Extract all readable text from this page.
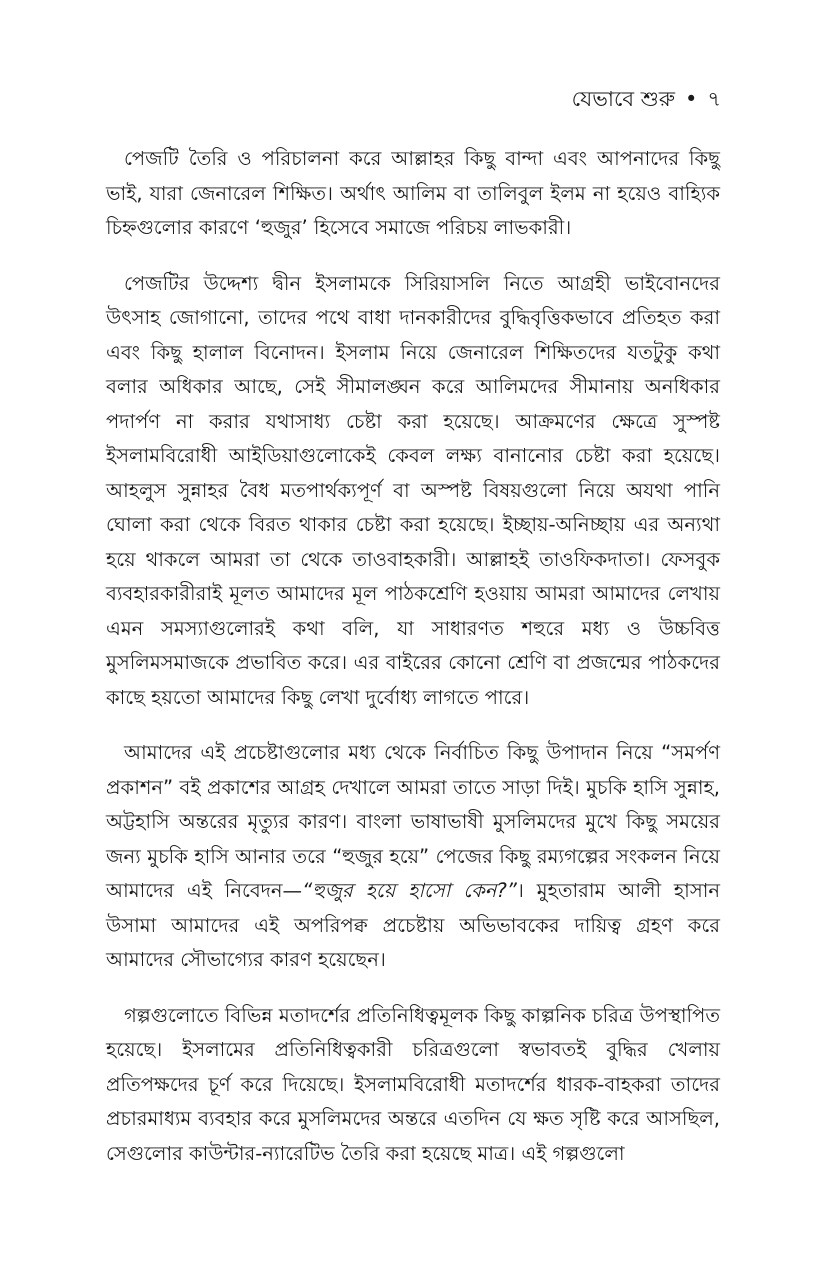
যেভাবে শুরু • ৭

পেজটি তৈরি ও পরিচালনা করে আল্লাহর কিছু বান্দা এবং আপনাদের কিছু ভাই, যারা জেনারেল শিক্ষিত। অর্থাৎ আলিম বা তালিবুল ইলম না হয়েও বাহ্যিক চিহ্নগুলোর কারণে ‘হুজুর’ হিসেবে সমাজে পরিচয় লাভকারী।

পেজটির উদ্দেশ্য দ্বীন ইসলামকে সিরিয়াসলি নিতে আগ্রহী ভাইবোনদের উৎসাহ জোগানো, তাদের পথে বাধা দানকারীদের বুদ্ধিবৃত্তিকভাবে প্রতিহত করা এবং কিছু হালাল বিনোদন। ইসলাম নিয়ে জেনারেল শিক্ষিতদের যতটুকু কথা বলার অধিকার আছে, সেই সীমালঙ্ঘন করে আলিমদের সীমানায় অনধিকার পদার্পণ না করার যথাসাধ্য চেষ্টা করা হয়েছে। আক্রমণের ক্ষেত্রে সুস্পষ্ট ইসলামবিরোধী আইডিয়াগুলোকেই কেবল লক্ষ্য বানানোর চেষ্টা করা হয়েছে। আহলুস সুন্নাহর বৈধ মতপার্থক্যপূর্ণ বা অস্পষ্ট বিষয়গুলো নিয়ে অযথা পানি ঘোলা করা থেকে বিরত থাকার চেষ্টা করা হয়েছে। ইচ্ছায়-অনিচ্ছায় এর অন্যথা হয়ে থাকলে আমরা তা থেকে তাওবাহকারী। আল্লাহই তাওফিকদাতা। ফেসবুক ব্যবহারকারীরাই মূলত আমাদের মূল পাঠকশ্রেণি হওয়ায় আমরা আমাদের লেখায় এমন সমস্যাগুলোরই কথা বলি, যা সাধারণত শহুরে মধ্য ও উচ্চবিত্ত মুসলিমসমাজকে প্রভাবিত করে। এর বাইরের কোনো শ্রেণি বা প্রজন্মের পাঠকদের কাছে হয়তো আমাদের কিছু লেখা দুর্বোধ্য লাগতে পারে।

আমাদের এই প্রচেষ্টাগুলোর মধ্য থেকে নির্বাচিত কিছু উপাদান নিয়ে “সমর্পণ প্রকাশন” বই প্রকাশের আগ্রহ দেখালে আমরা তাতে সাড়া দিই। মুচকি হাসি সুন্নাহ, অট্টহাসি অন্তরের মৃত্যুর কারণ। বাংলা ভাষাভাষী মুসলিমদের মুখে কিছু সময়ের জন্য মুচকি হাসি আনার তরে “হুজুর হয়ে” পেজের কিছু রম্যগল্পের সংকলন নিয়ে আমাদের এই নিবেদন—“হুজুর হয়ে হাসো কেন?”। মুহতারাম আলী হাসান উসামা আমাদের এই অপরিপক্ব প্রচেষ্টায় অভিভাবকের দায়িত্ব গ্রহণ করে আমাদের সৌভাগ্যের কারণ হয়েছেন।

গল্পগুলোতে বিভিন্ন মতাদর্শের প্রতিনিধিত্বমূলক কিছু কাল্পনিক চরিত্র উপস্থাপিত হয়েছে। ইসলামের প্রতিনিধিত্বকারী চরিত্রগুলো স্বভাবতই বুদ্ধির খেলায় প্রতিপক্ষদের চূর্ণ করে দিয়েছে। ইসলামবিরোধী মতাদর্শের ধারক-বাহকরা তাদের প্রচারমাধ্যম ব্যবহার করে মুসলিমদের অন্তরে এতদিন যে ক্ষত সৃষ্টি করে আসছিল, সেগুলোর কাউন্টার-ন্যারেটিভ তৈরি করা হয়েছে মাত্র। এই গল্পগুলো
